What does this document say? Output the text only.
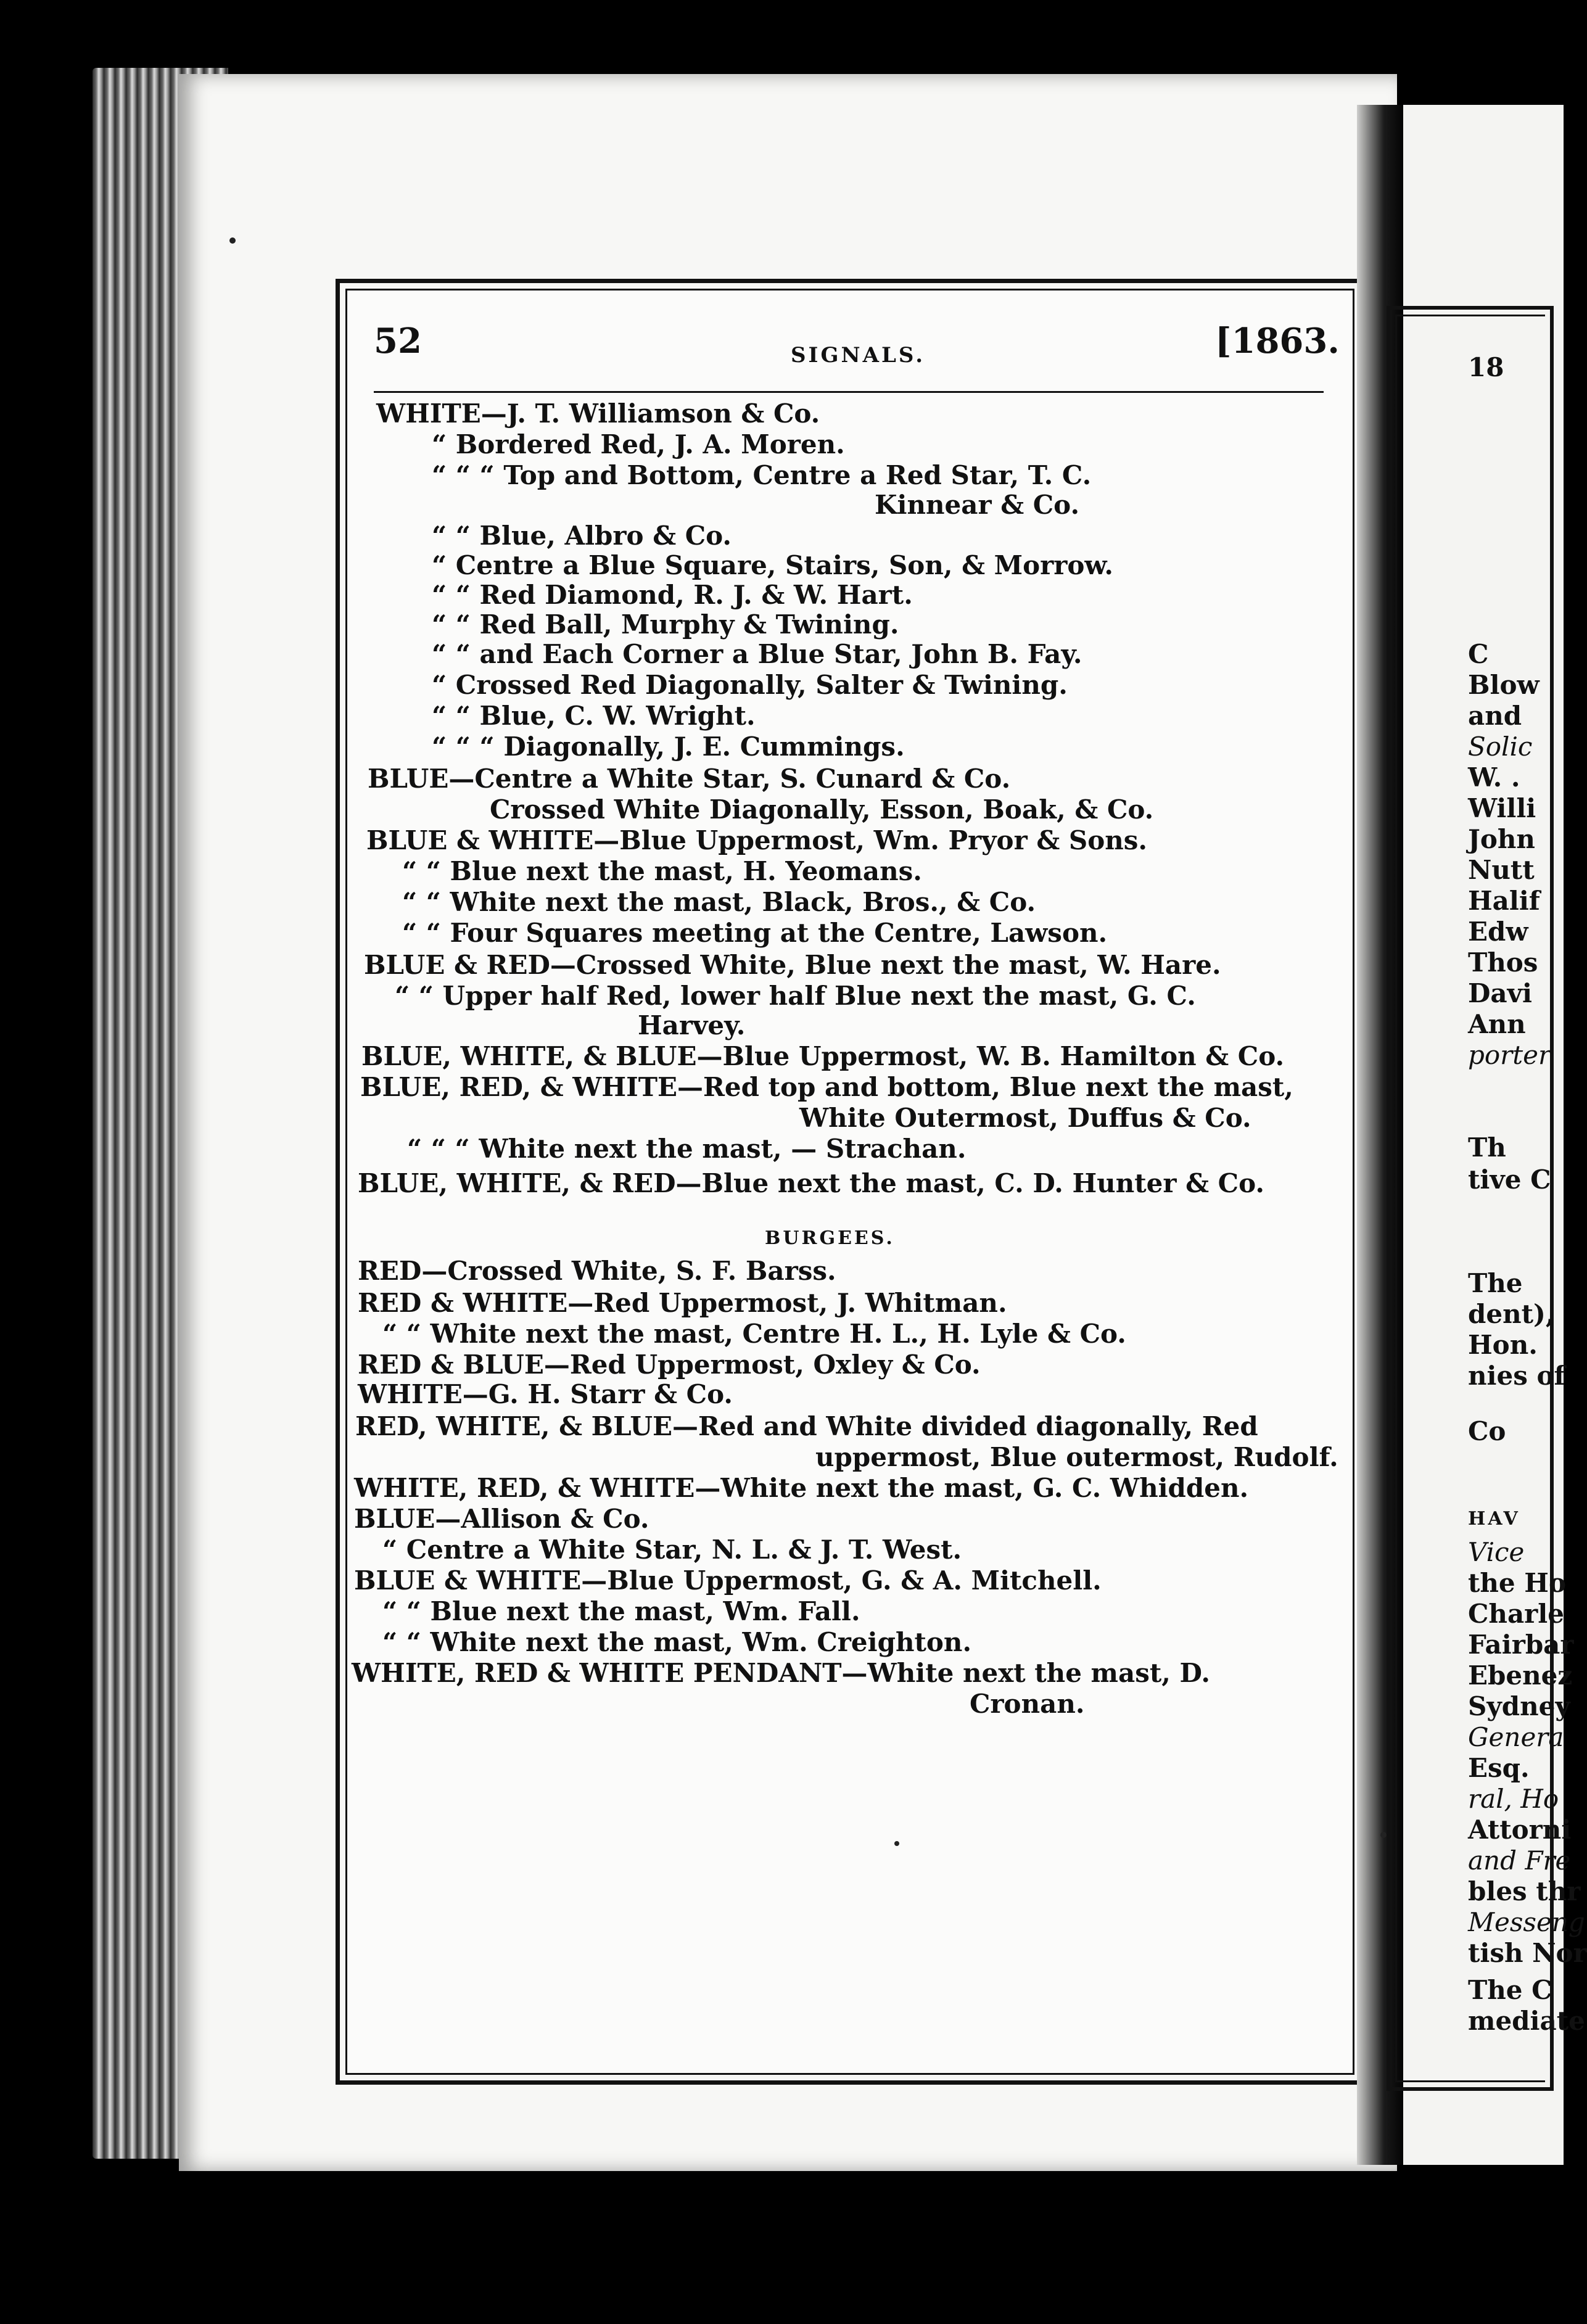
52	SIGNALS.	[1863.
WHITE—J. T. Williamson & Co.
“ Bordered Red, J. A. Moren.
“ “ “ Top and Bottom, Centre a Red Star, T. C.
Kinnear & Co.
“ “ Blue, Albro & Co.
“ Centre a Blue Square, Stairs, Son, & Morrow.
“ “ Red Diamond, R. J. & W. Hart.
“ “ Red Ball, Murphy & Twining.
“ “ and Each Corner a Blue Star, John B. Fay.
“ Crossed Red Diagonally, Salter & Twining.
“ “ Blue, C. W. Wright.
“ “ “ Diagonally, J. E. Cummings.
BLUE—Centre a White Star, S. Cunard & Co.
Crossed White Diagonally, Esson, Boak, & Co.
BLUE & WHITE—Blue Uppermost, Wm. Pryor & Sons.
“ “ Blue next the mast, H. Yeomans.
“ “ White next the mast, Black, Bros., & Co.
“ “ Four Squares meeting at the Centre, Lawson.
BLUE & RED—Crossed White, Blue next the mast, W. Hare.
“ “ Upper half Red, lower half Blue next the mast, G. C.
Harvey.
BLUE, WHITE, & BLUE—Blue Uppermost, W. B. Hamilton & Co.
BLUE, RED, & WHITE—Red top and bottom, Blue next the mast,
White Outermost, Duffus & Co.
“ “ “ White next the mast, — Strachan.
BLUE, WHITE, & RED—Blue next the mast, C. D. Hunter & Co.
BURGEES.
RED—Crossed White, S. F. Barss.
RED & WHITE—Red Uppermost, J. Whitman.
“ “ White next the mast, Centre H. L., H. Lyle & Co.
RED & BLUE—Red Uppermost, Oxley & Co.
WHITE—G. H. Starr & Co.
RED, WHITE, & BLUE—Red and White divided diagonally, Red
uppermost, Blue outermost, Rudolf.
WHITE, RED, & WHITE—White next the mast, G. C. Whidden.
BLUE—Allison & Co.
“ Centre a White Star, N. L. & J. T. West.
BLUE & WHITE—Blue Uppermost, G. & A. Mitchell.
“ “ Blue next the mast, Wm. Fall.
“ “ White next the mast, Wm. Creighton.
WHITE, RED & WHITE PENDANT—White next the mast, D.
Cronan.
18
C
Blow
and
Solic
W. .
Willi
John
Nutt
Halif
Edw
Thos
Davi
Ann
porter
Th
tive C
The
dent),
Hon.
nies of
Co
HAV
Vice
the Ho
Charle
Fairbar
Ebenez
Sydney
Genera
Esq.
ral, Ho
Attorni
and Fre
bles thr
Messeng
tish Nor
The C
mediate
